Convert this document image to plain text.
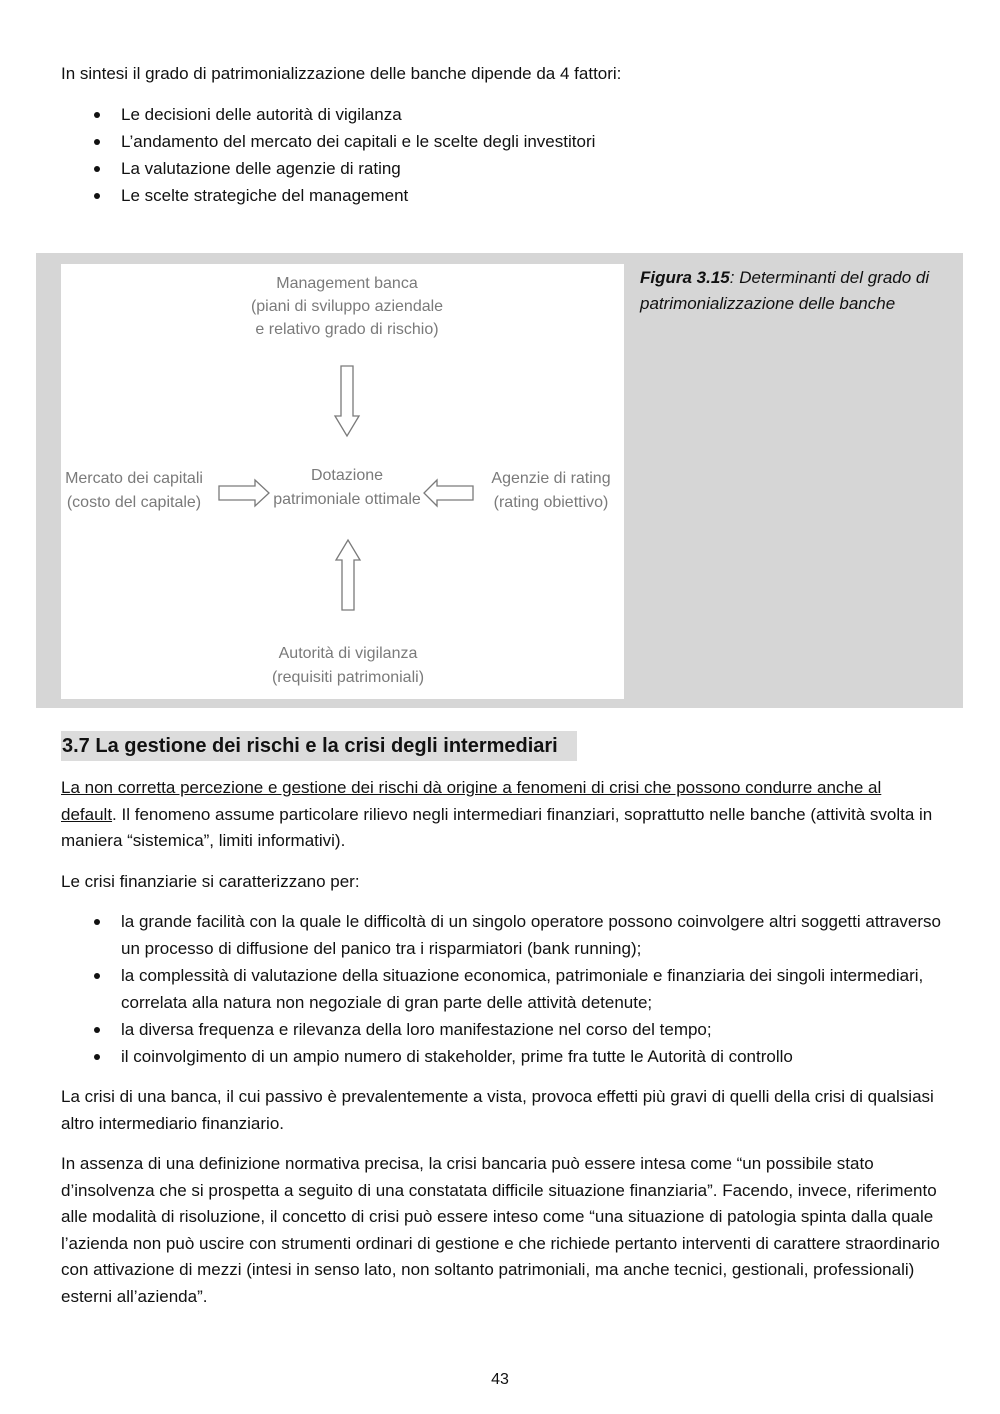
In sintesi il grado di patrimonializzazione delle banche dipende da 4 fattori:

Le decisioni delle autorità di vigilanza
L’andamento del mercato dei capitali e le scelte degli investitori
La valutazione delle agenzie di rating
Le scelte strategiche del management
Management banca
(piani di sviluppo aziendale
e relativo grado di rischio)
Mercato dei capitali
(costo del capitale)
Dotazione
patrimoniale ottimale
Agenzie di rating
(rating obiettivo)
Autorità di vigilanza
(requisiti patrimoniali)
Figura 3.15: Determinanti del grado di patrimonializzazione delle banche
3.7 La gestione dei rischi e la crisi degli intermediari

La non corretta percezione e gestione dei rischi dà origine a fenomeni di crisi che possono condurre anche al default. Il fenomeno assume particolare rilievo negli intermediari finanziari, soprattutto nelle banche (attività svolta in maniera “sistemica”, limiti informativi).

Le crisi finanziarie si caratterizzano per:

la grande facilità con la quale le difficoltà di un singolo operatore possono coinvolgere altri soggetti attraverso un processo di diffusione del panico tra i risparmiatori (bank running);
la complessità di valutazione della situazione economica, patrimoniale e finanziaria dei singoli intermediari, correlata alla natura non negoziale di gran parte delle attività detenute;
la diversa frequenza e rilevanza della loro manifestazione nel corso del tempo;
il coinvolgimento di un ampio numero di stakeholder, prime fra tutte le Autorità di controllo

La crisi di una banca, il cui passivo è prevalentemente a vista, provoca effetti più gravi di quelli della crisi di qualsiasi altro intermediario finanziario.

In assenza di una definizione normativa precisa, la crisi bancaria può essere intesa come “un possibile stato d’insolvenza che si prospetta a seguito di una constatata difficile situazione finanziaria”. Facendo, invece, riferimento alle modalità di risoluzione, il concetto di crisi può essere inteso come “una situazione di patologia spinta dalla quale l’azienda non può uscire con strumenti ordinari di gestione e che richiede pertanto interventi di carattere straordinario con attivazione di mezzi (intesi in senso lato, non soltanto patrimoniali, ma anche tecnici, gestionali, professionali) esterni all’azienda”.

43
